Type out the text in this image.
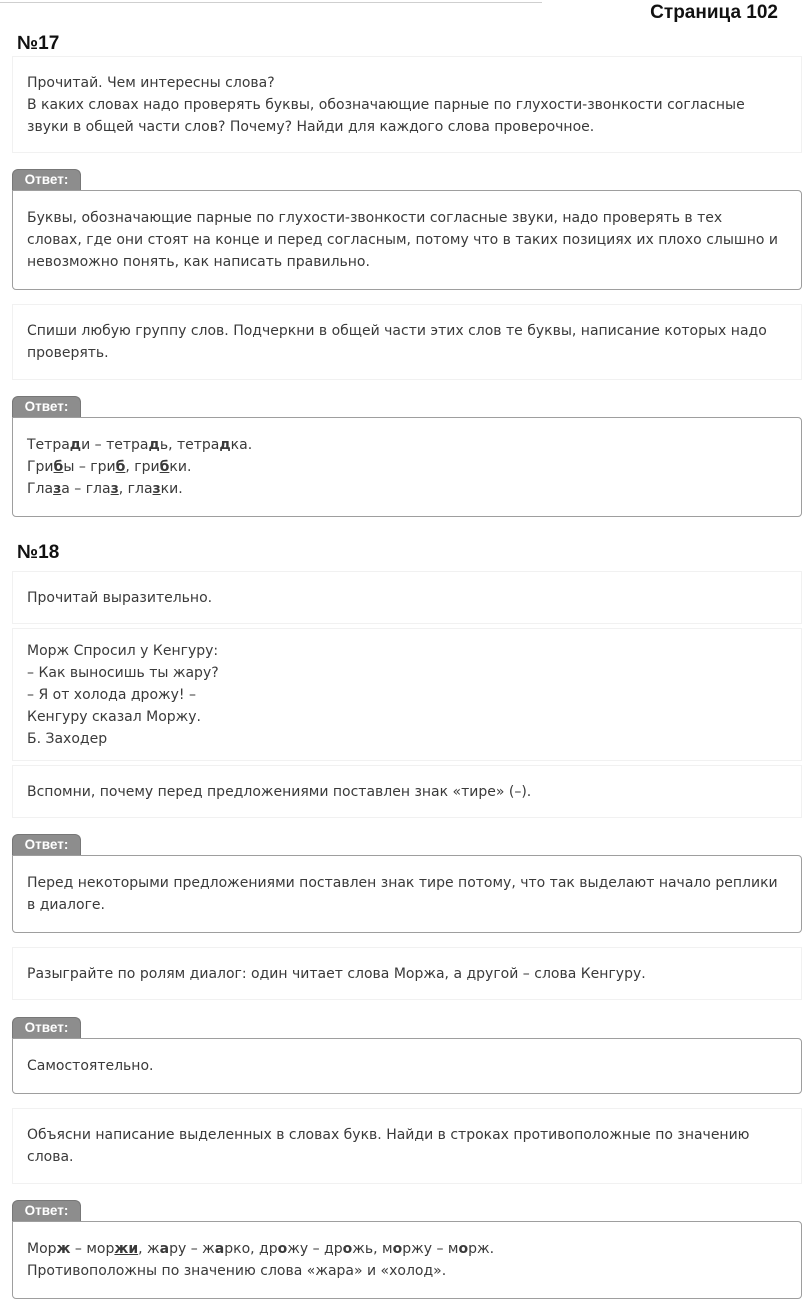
Страница 102
№17
Прочитай. Чем интересны слова?
В каких словах надо проверять буквы, обозначающие парные по глухости-звонкости согласные
звуки в общей части слов? Почему? Найди для каждого слова проверочное.
Ответ:
Буквы, обозначающие парные по глухости-звонкости согласные звуки, надо проверять в тех
словах, где они стоят на конце и перед согласным, потому что в таких позициях их плохо слышно и
невозможно понять, как написать правильно.
Спиши любую группу слов. Подчеркни в общей части этих слов те буквы, написание которых надо
проверять.
Ответ:
Тетради – тетрадь, тетрадка.
Грибы – гриб, грибки.
Глаза – глаз, глазки.
№18
Прочитай выразительно.
Морж Спросил у Кенгуру:
– Как выносишь ты жару?
– Я от холода дрожу! –
Кенгуру сказал Моржу.
Б. Заходер
Вспомни, почему перед предложениями поставлен знак «тире» (–).
Ответ:
Перед некоторыми предложениями поставлен знак тире потому, что так выделают начало реплики
в диалоге.
Разыграйте по ролям диалог: один читает слова Моржа, а другой – слова Кенгуру.
Ответ:
Самостоятельно.
Объясни написание выделенных в словах букв. Найди в строках противоположные по значению
слова.
Ответ:
Морж – моржи, жару – жарко, дрожу – дрожь, моржу – морж.
Противоположны по значению слова «жара» и «холод».
